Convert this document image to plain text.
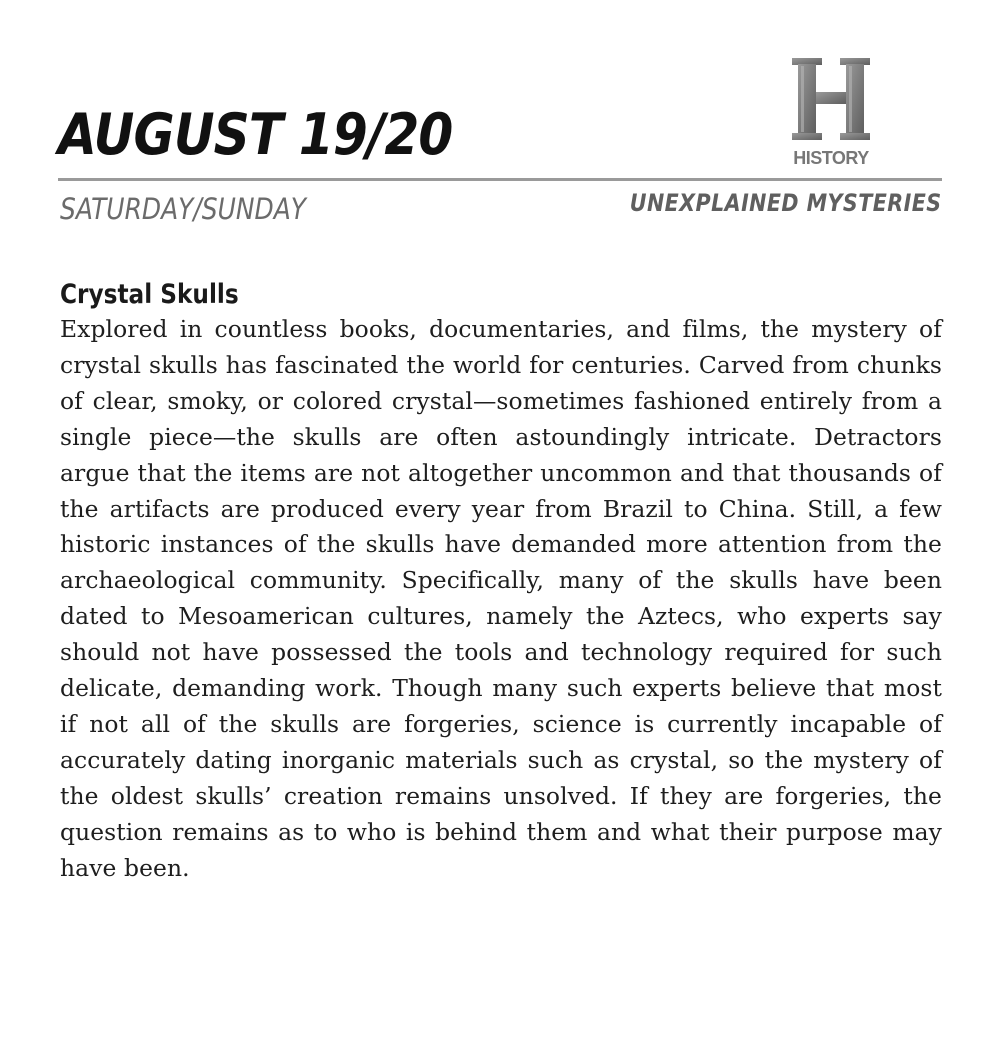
AUGUST 19/20	HISTORY
SATURDAY/SUNDAY	UNEXPLAINED MYSTERIES
Crystal Skulls

Explored in countless books, documentaries, and films, the mystery of crystal skulls has fascinated the world for centuries. Carved from chunks of clear, smoky, or colored crystal—sometimes fashioned entirely from a single piece—the skulls are often astoundingly intricate. Detractors argue that the items are not altogether uncommon and that thousands of the artifacts are produced every year from Brazil to China. Still, a few historic instances of the skulls have demanded more attention from the archaeological community. Specifically, many of the skulls have been dated to Mesoamerican cultures, namely the Aztecs, who experts say should not have possessed the tools and technology required for such delicate, demanding work. Though many such experts believe that most if not all of the skulls are forgeries, science is currently incapable of accurately dating inorganic materials such as crystal, so the mystery of the oldest skulls’ creation remains unsolved. If they are forgeries, the question remains as to who is behind them and what their purpose may have been.
